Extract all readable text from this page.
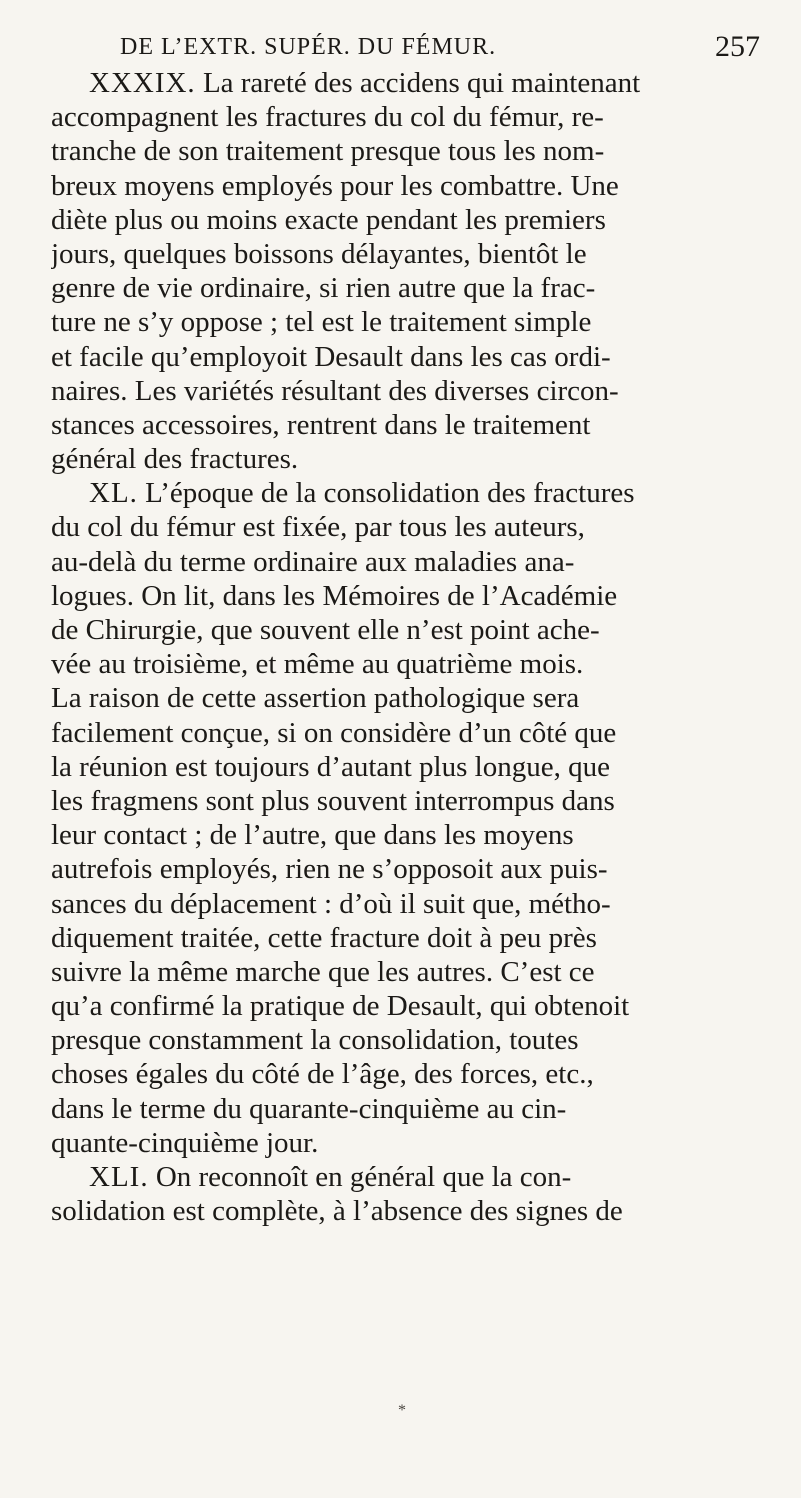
DE L’EXTR. SUPÉR. DU FÉMUR.	257
XXXIX. La rareté des accidens qui maintenant
accompagnent les fractures du col du fémur, re-
tranche de son traitement presque tous les nom-
breux moyens employés pour les combattre. Une
diète plus ou moins exacte pendant les premiers
jours, quelques boissons délayantes, bientôt le
genre de vie ordinaire, si rien autre que la frac-
ture ne s’y oppose ; tel est le traitement simple
et facile qu’employoit Desault dans les cas ordi-
naires. Les variétés résultant des diverses circon-
stances accessoires, rentrent dans le traitement
général des fractures.
XL. L’époque de la consolidation des fractures
du col du fémur est fixée, par tous les auteurs,
au-delà du terme ordinaire aux maladies ana-
logues. On lit, dans les Mémoires de l’Académie
de Chirurgie, que souvent elle n’est point ache-
vée au troisième, et même au quatrième mois.
La raison de cette assertion pathologique sera
facilement conçue, si on considère d’un côté que
la réunion est toujours d’autant plus longue, que
les fragmens sont plus souvent interrompus dans
leur contact ; de l’autre, que dans les moyens
autrefois employés, rien ne s’opposoit aux puis-
sances du déplacement : d’où il suit que, métho-
diquement traitée, cette fracture doit à peu près
suivre la même marche que les autres. C’est ce
qu’a confirmé la pratique de Desault, qui obtenoit
presque constamment la consolidation, toutes
choses égales du côté de l’âge, des forces, etc.,
dans le terme du quarante-cinquième au cin-
quante-cinquième jour.
XLI. On reconnoît en général que la con-
solidation est complète, à l’absence des signes de
*
